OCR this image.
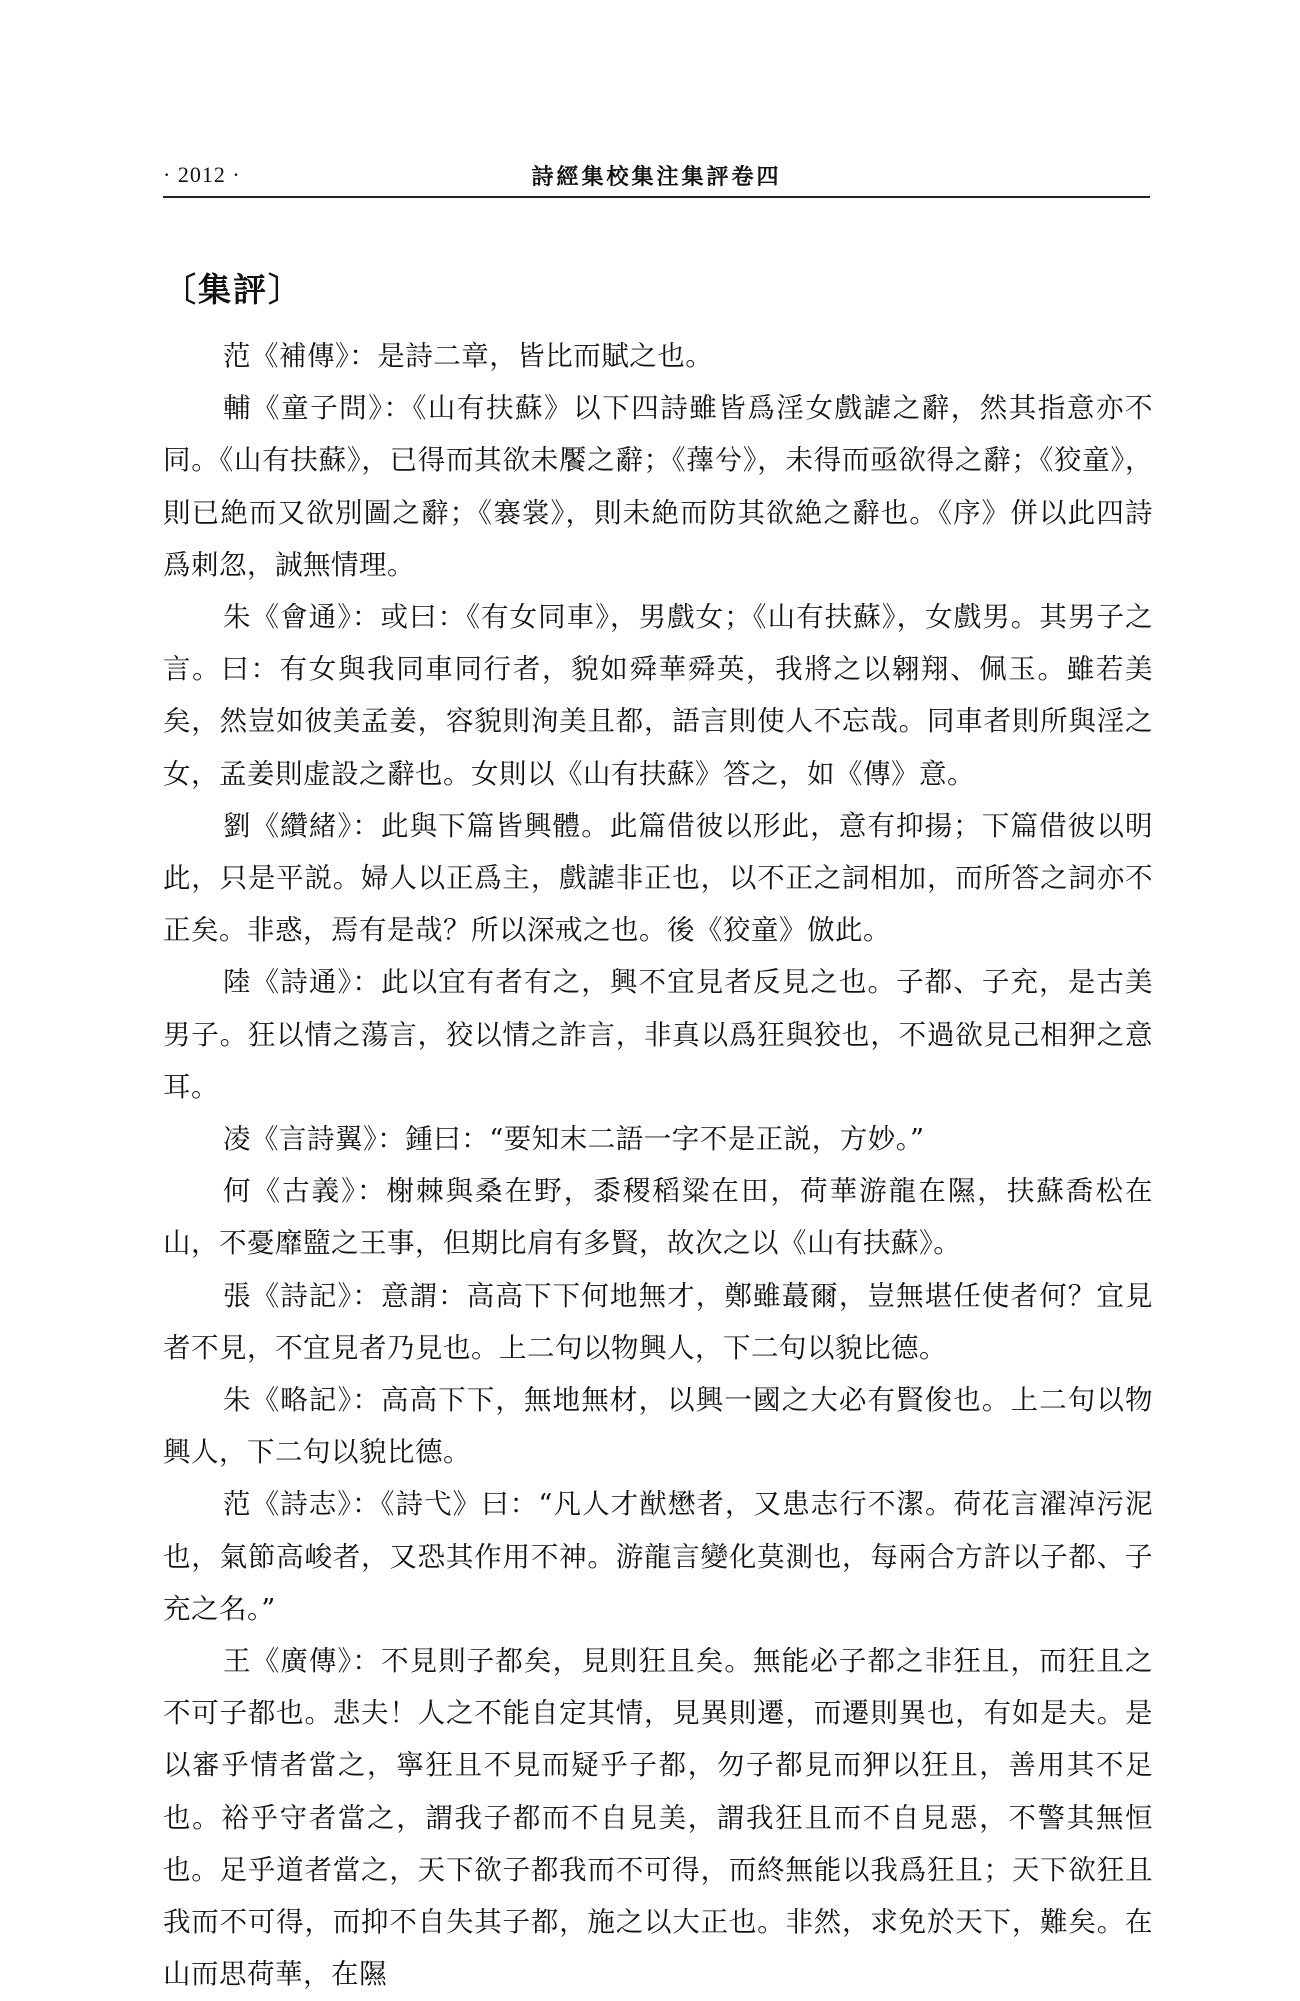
· 2012 ·	詩經集校集注集評卷四
〔集評〕

范《補傳》：是詩二章，皆比而賦之也。

輔《童子問》：《山有扶蘇》以下四詩雖皆爲淫女戲謔之辭，然其指意亦不同。《山有扶蘇》，已得而其欲未饜之辭；《蘀兮》，未得而亟欲得之辭；《狡童》，則已絶而又欲別圖之辭；《褰裳》，則未絶而防其欲絶之辭也。《序》併以此四詩爲刺忽，誠無情理。

朱《會通》：或曰：《有女同車》，男戲女；《山有扶蘇》，女戲男。其男子之言。曰：有女與我同車同行者，貌如舜華舜英，我將之以翱翔、佩玉。雖若美矣，然豈如彼美孟姜，容貌則洵美且都，語言則使人不忘哉。同車者則所與淫之女，孟姜則虚設之辭也。女則以《山有扶蘇》答之，如《傳》意。

劉《纘緒》：此與下篇皆興體。此篇借彼以形此，意有抑揚；下篇借彼以明此，只是平説。婦人以正爲主，戲謔非正也，以不正之詞相加，而所答之詞亦不正矣。非惑，焉有是哉？所以深戒之也。後《狡童》倣此。

陸《詩通》：此以宜有者有之，興不宜見者反見之也。子都、子充，是古美男子。狂以情之蕩言，狡以情之詐言，非真以爲狂與狡也，不過欲見己相狎之意耳。

凌《言詩翼》：鍾曰：“要知末二語一字不是正説，方妙。”

何《古義》：榭棘與桑在野，黍稷稻粱在田，荷華游龍在隰，扶蘇喬松在山，不憂靡盬之王事，但期比肩有多賢，故次之以《山有扶蘇》。

張《詩記》：意謂：高高下下何地無才，鄭雖蕞爾，豈無堪任使者何？宜見者不見，不宜見者乃見也。上二句以物興人，下二句以貌比德。

朱《略記》：高高下下，無地無材，以興一國之大必有賢俊也。上二句以物興人，下二句以貌比德。

范《詩志》：《詩弋》曰：“凡人才猷懋者，又患志行不潔。荷花言濯淖污泥也，氣節高峻者，又恐其作用不神。游龍言變化莫測也，每兩合方許以子都、子充之名。”

王《廣傳》：不見則子都矣，見則狂且矣。無能必子都之非狂且，而狂且之不可子都也。悲夫！人之不能自定其情，見異則遷，而遷則異也，有如是夫。是以審乎情者當之，寧狂且不見而疑乎子都，勿子都見而狎以狂且，善用其不足也。裕乎守者當之，謂我子都而不自見美，謂我狂且而不自見惡，不警其無恒也。足乎道者當之，天下欲子都我而不可得，而終無能以我爲狂且；天下欲狂且我而不可得，而抑不自失其子都，施之以大正也。非然，求免於天下，難矣。在山而思荷華，在隰
